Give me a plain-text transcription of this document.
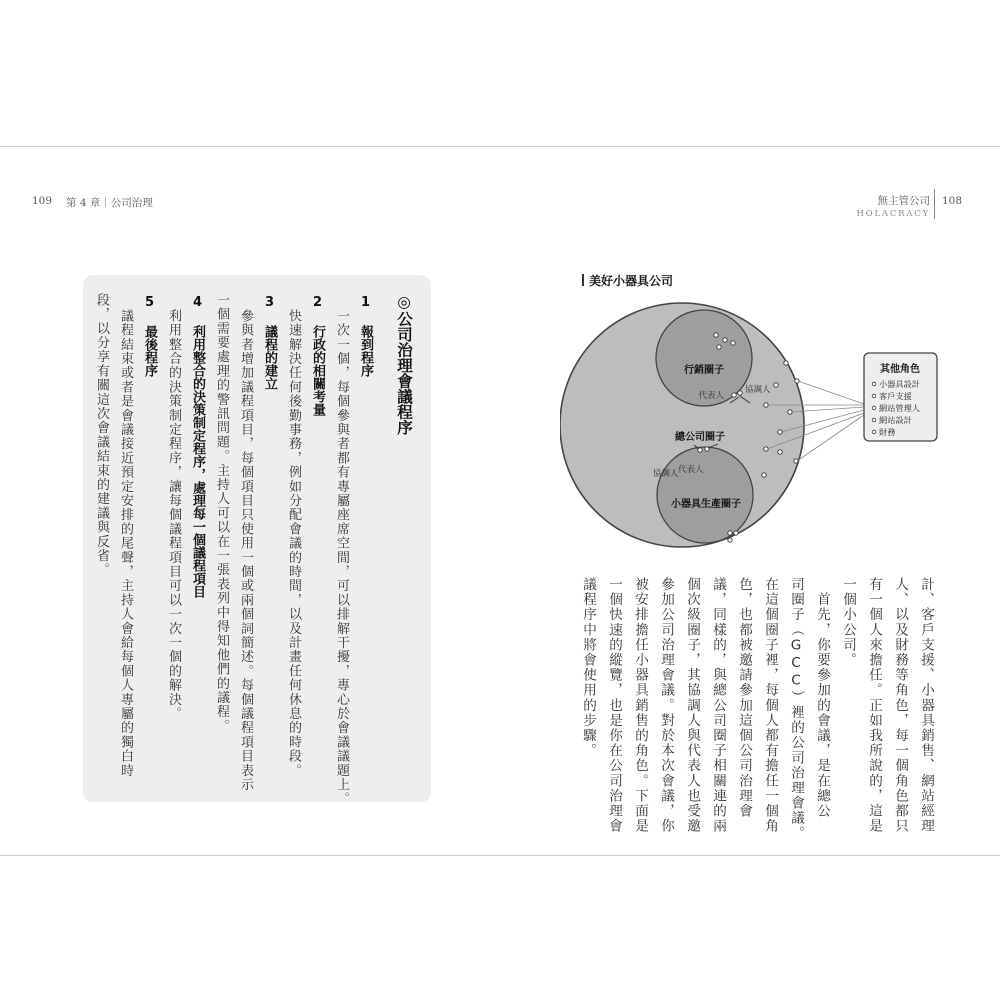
109 第 4 章｜公司治理	無主管公司
HOLACRACY
108
◎公司治理會議程序
1 報到程序
一次一個，每個參與者都有專屬座席空間，可以排解干擾，專心於會議議題上。
2 行政的相關考量
快速解決任何後勤事務，例如分配會議的時間，以及計畫任何休息的時段。
3 議程的建立
參與者增加議程項目，每個項目只使用一個或兩個詞簡述。每個議程項目表示
一個需要處理的警訊問題。主持人可以在一張表列中得知他們的議程。
4 利用整合的決策制定程序，處理每一個議程項目
利用整合的決策制定程序，讓每個議程項目可以一次一個的解決。
5 最後程序
議程結束或者是會議接近預定安排的尾聲，主持人會給每個人專屬的獨白時
段，以分享有關這次會議結束的建議與反省。
美好小器具公司
行銷圈子
代表人
協調人
總公司圈子
協調人 代表人
小器具生產圈子
其他角色
小器具設計
客戶支援
網站管理人
網站設計
財務
計、客戶支援、小器具銷售、網站經理
人、以及財務等角色，每一個角色都只
有一個人來擔任。正如我所說的，這是
一個小公司。
　首先，你要參加的會議，是在總公
司圈子（GCC）裡的公司治理會議。
在這個圈子裡，每個人都有擔任一個角
色，也都被邀請參加這個公司治理會
議，同樣的，與總公司圈子相關連的兩
個次級圈子，其協調人與代表人也受邀
參加公司治理會議。對於本次會議，你
被安排擔任小器具銷售的角色。下面是
一個快速的縱覽，也是你在公司治理會
議程序中將會使用的步驟。
